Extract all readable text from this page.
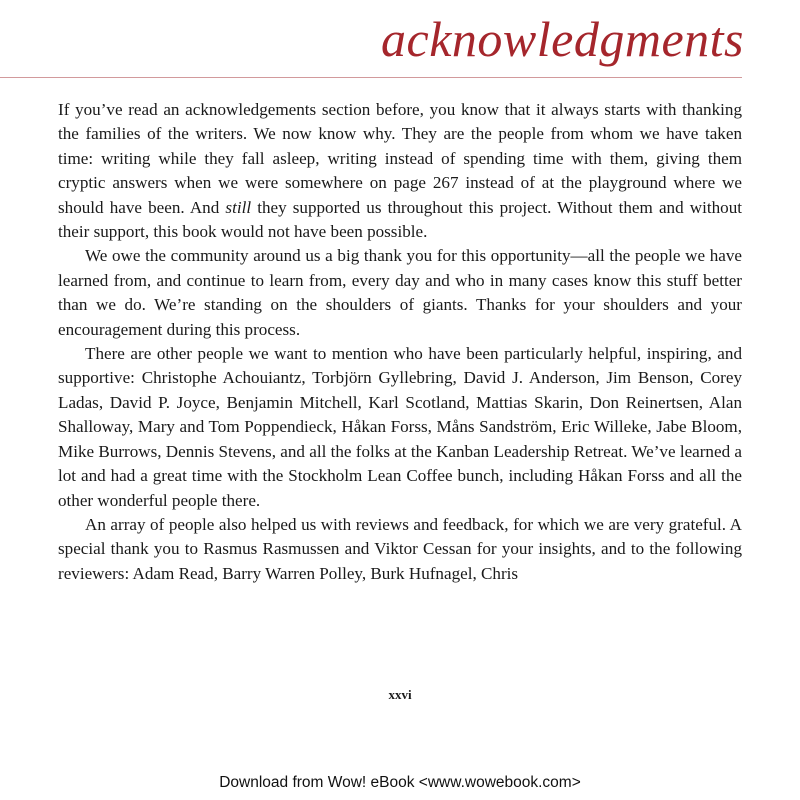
acknowledgments

If you’ve read an acknowledgements section before, you know that it always starts with thanking the families of the writers. We now know why. They are the people from whom we have taken time: writing while they fall asleep, writing instead of spending time with them, giving them cryptic answers when we were somewhere on page 267 instead of at the playground where we should have been. And still they supported us throughout this project. Without them and without their support, this book would not have been possible.

We owe the community around us a big thank you for this opportunity—all the people we have learned from, and continue to learn from, every day and who in many cases know this stuff better than we do. We’re standing on the shoulders of giants. Thanks for your shoulders and your encouragement during this process.

There are other people we want to mention who have been particularly helpful, inspiring, and supportive: Christophe Achouiantz, Torbjörn Gyllebring, David J. Anderson, Jim Benson, Corey Ladas, David P. Joyce, Benjamin Mitchell, Karl Scotland, Mattias Skarin, Don Reinertsen, Alan Shalloway, Mary and Tom Poppendieck, Håkan Forss, Måns Sandström, Eric Willeke, Jabe Bloom, Mike Burrows, Dennis Stevens, and all the folks at the Kanban Leadership Retreat. We’ve learned a lot and had a great time with the Stockholm Lean Coffee bunch, including Håkan Forss and all the other wonderful people there.

An array of people also helped us with reviews and feedback, for which we are very grateful. A special thank you to Rasmus Rasmussen and Viktor Cessan for your insights, and to the following reviewers: Adam Read, Barry Warren Polley, Burk Hufnagel, Chris

xxvi
Download from Wow! eBook <www.wowebook.com>
